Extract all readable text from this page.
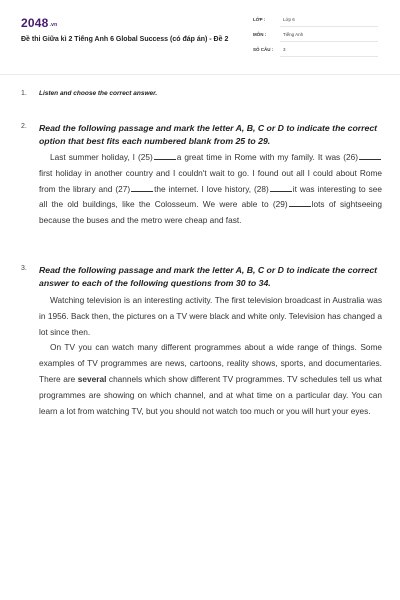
2048.vn
Đề thi Giữa kì 2 Tiếng Anh 6 Global Success (có đáp án) - Đề 2
LỚP :	Lớp 6
MÔN :	Tiếng Anh
SỐ CÂU : 3
1. Listen and choose the correct answer.
2. Read the following passage and mark the letter A, B, C or D to indicate the correct option that best fits each numbered blank from 25 to 29.

Last summer holiday, I (25)	a great time in Rome with my family. It was (26)first holiday in another country and I couldn't wait to go. I found out all I could about Rome from the library and (27)	the internet. I love history, (28)	it was interesting to see all the old buildings, like the Colosseum. We were able to (29)	lots of sightseeing because the buses and the metro were cheap and fast.

3. Read the following passage and mark the letter A, B, C or D to indicate the correct answer to each of the following questions from 30 to 34.

Watching television is an interesting activity. The first television broadcast in Australia was in 1956. Back then, the pictures on a TV were black and white only. Television has changed a lot since then.

On TV you can watch many different programmes about a wide range of things. Some examples of TV programmes are news, cartoons, reality shows, sports, and documentaries. There are several channels which show different TV programmes. TV schedules tell us what programmes are showing on which channel, and at what time on a particular day. You can learn a lot from watching TV, but you should not watch too much or you will hurt your eyes.
